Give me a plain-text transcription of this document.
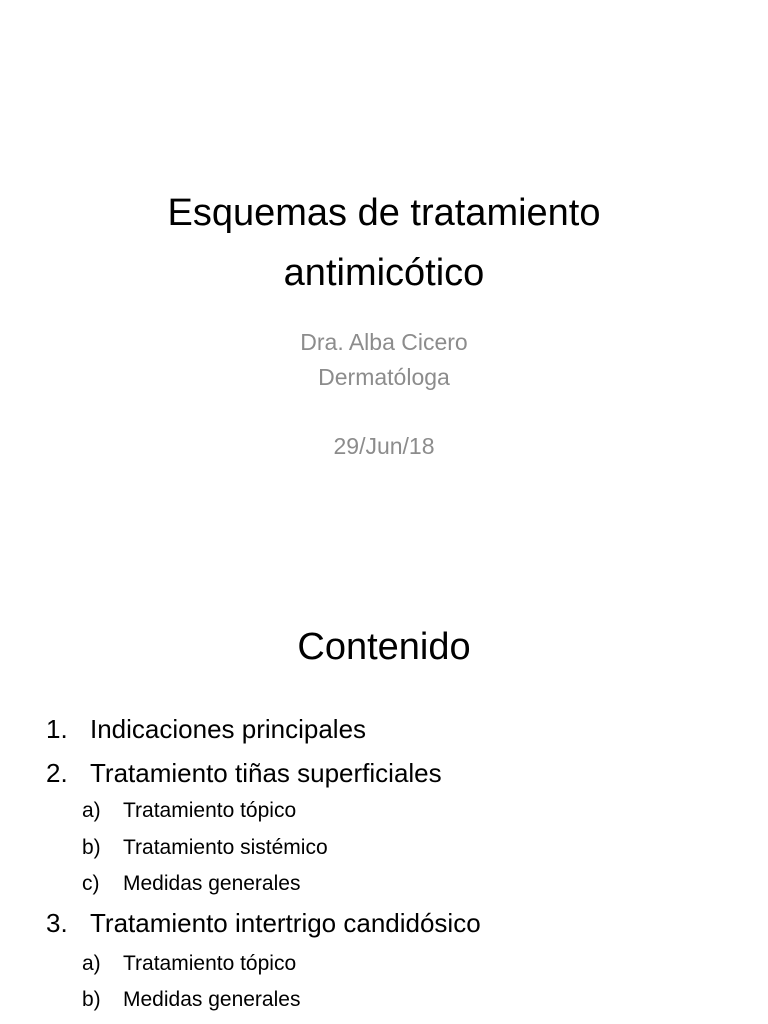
Esquemas de tratamiento
antimicótico
Dra. Alba Cicero
Dermatóloga
29/Jun/18
Contenido
1. Indicaciones principales
2. Tratamiento tiñas superficiales
a) Tratamiento tópico
b) Tratamiento sistémico
c) Medidas generales
3. Tratamiento intertrigo candidósico
a) Tratamiento tópico
b) Medidas generales
